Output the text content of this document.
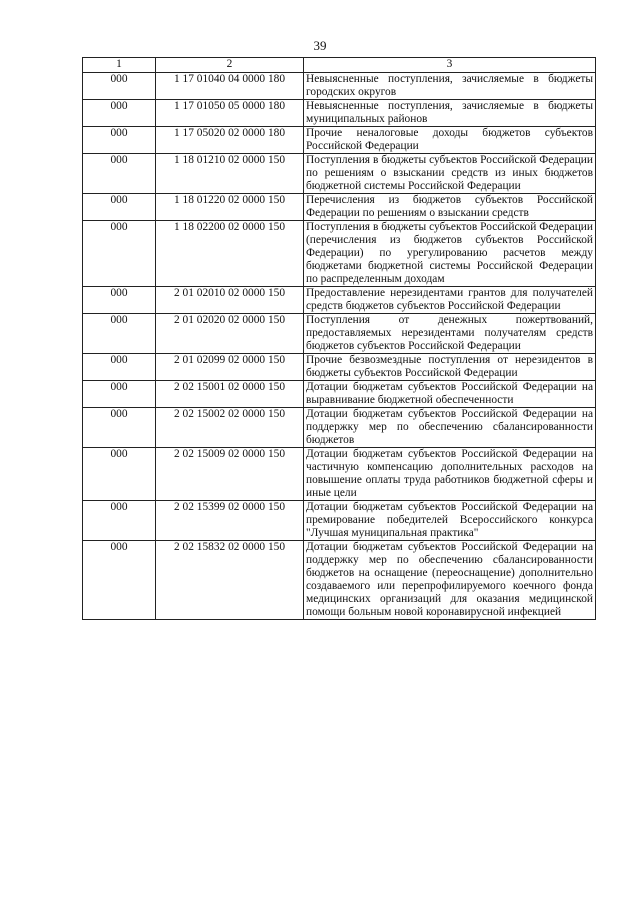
39
1	2	3
000	1 17 01040 04 0000 180	Невыясненные поступления, зачисляемые в бюджеты городских округов
000	1 17 01050 05 0000 180	Невыясненные поступления, зачисляемые в бюджеты муниципальных районов
000	1 17 05020 02 0000 180	Прочие неналоговые доходы бюджетов субъектов Российской Федерации
000	1 18 01210 02 0000 150	Поступления в бюджеты субъектов Российской Федерации по решениям о взыскании средств из иных бюджетов бюджетной системы Российской Федерации
000	1 18 01220 02 0000 150	Перечисления из бюджетов субъектов Российской Федерации по решениям о взыскании средств
000	1 18 02200 02 0000 150	Поступления в бюджеты субъектов Российской Федерации (перечисления из бюджетов субъектов Российской Федерации) по урегулированию расчетов между бюджетами бюджетной системы Российской Федерации по распределенным доходам
000	2 01 02010 02 0000 150	Предоставление нерезидентами грантов для получателей средств бюджетов субъектов Российской Федерации
000	2 01 02020 02 0000 150	Поступления от денежных пожертвований, предоставляемых нерезидентами получателям средств бюджетов субъектов Российской Федерации
000	2 01 02099 02 0000 150	Прочие безвозмездные поступления от нерезидентов в бюджеты субъектов Российской Федерации
000	2 02 15001 02 0000 150	Дотации бюджетам субъектов Российской Федерации на выравнивание бюджетной обеспеченности
000	2 02 15002 02 0000 150	Дотации бюджетам субъектов Российской Федерации на поддержку мер по обеспечению сбалансированности бюджетов
000	2 02 15009 02 0000 150	Дотации бюджетам субъектов Российской Федерации на частичную компенсацию дополнительных расходов на повышение оплаты труда работников бюджетной сферы и иные цели
000	2 02 15399 02 0000 150	Дотации бюджетам субъектов Российской Федерации на премирование победителей Всероссийского конкурса "Лучшая муниципальная практика"
000	2 02 15832 02 0000 150	Дотации бюджетам субъектов Российской Федерации на поддержку мер по обеспечению сбалансированности бюджетов на оснащение (переоснащение) дополнительно создаваемого или перепрофилируемого коечного фонда медицинских организаций для оказания медицинской помощи больным новой коронавирусной инфекцией
